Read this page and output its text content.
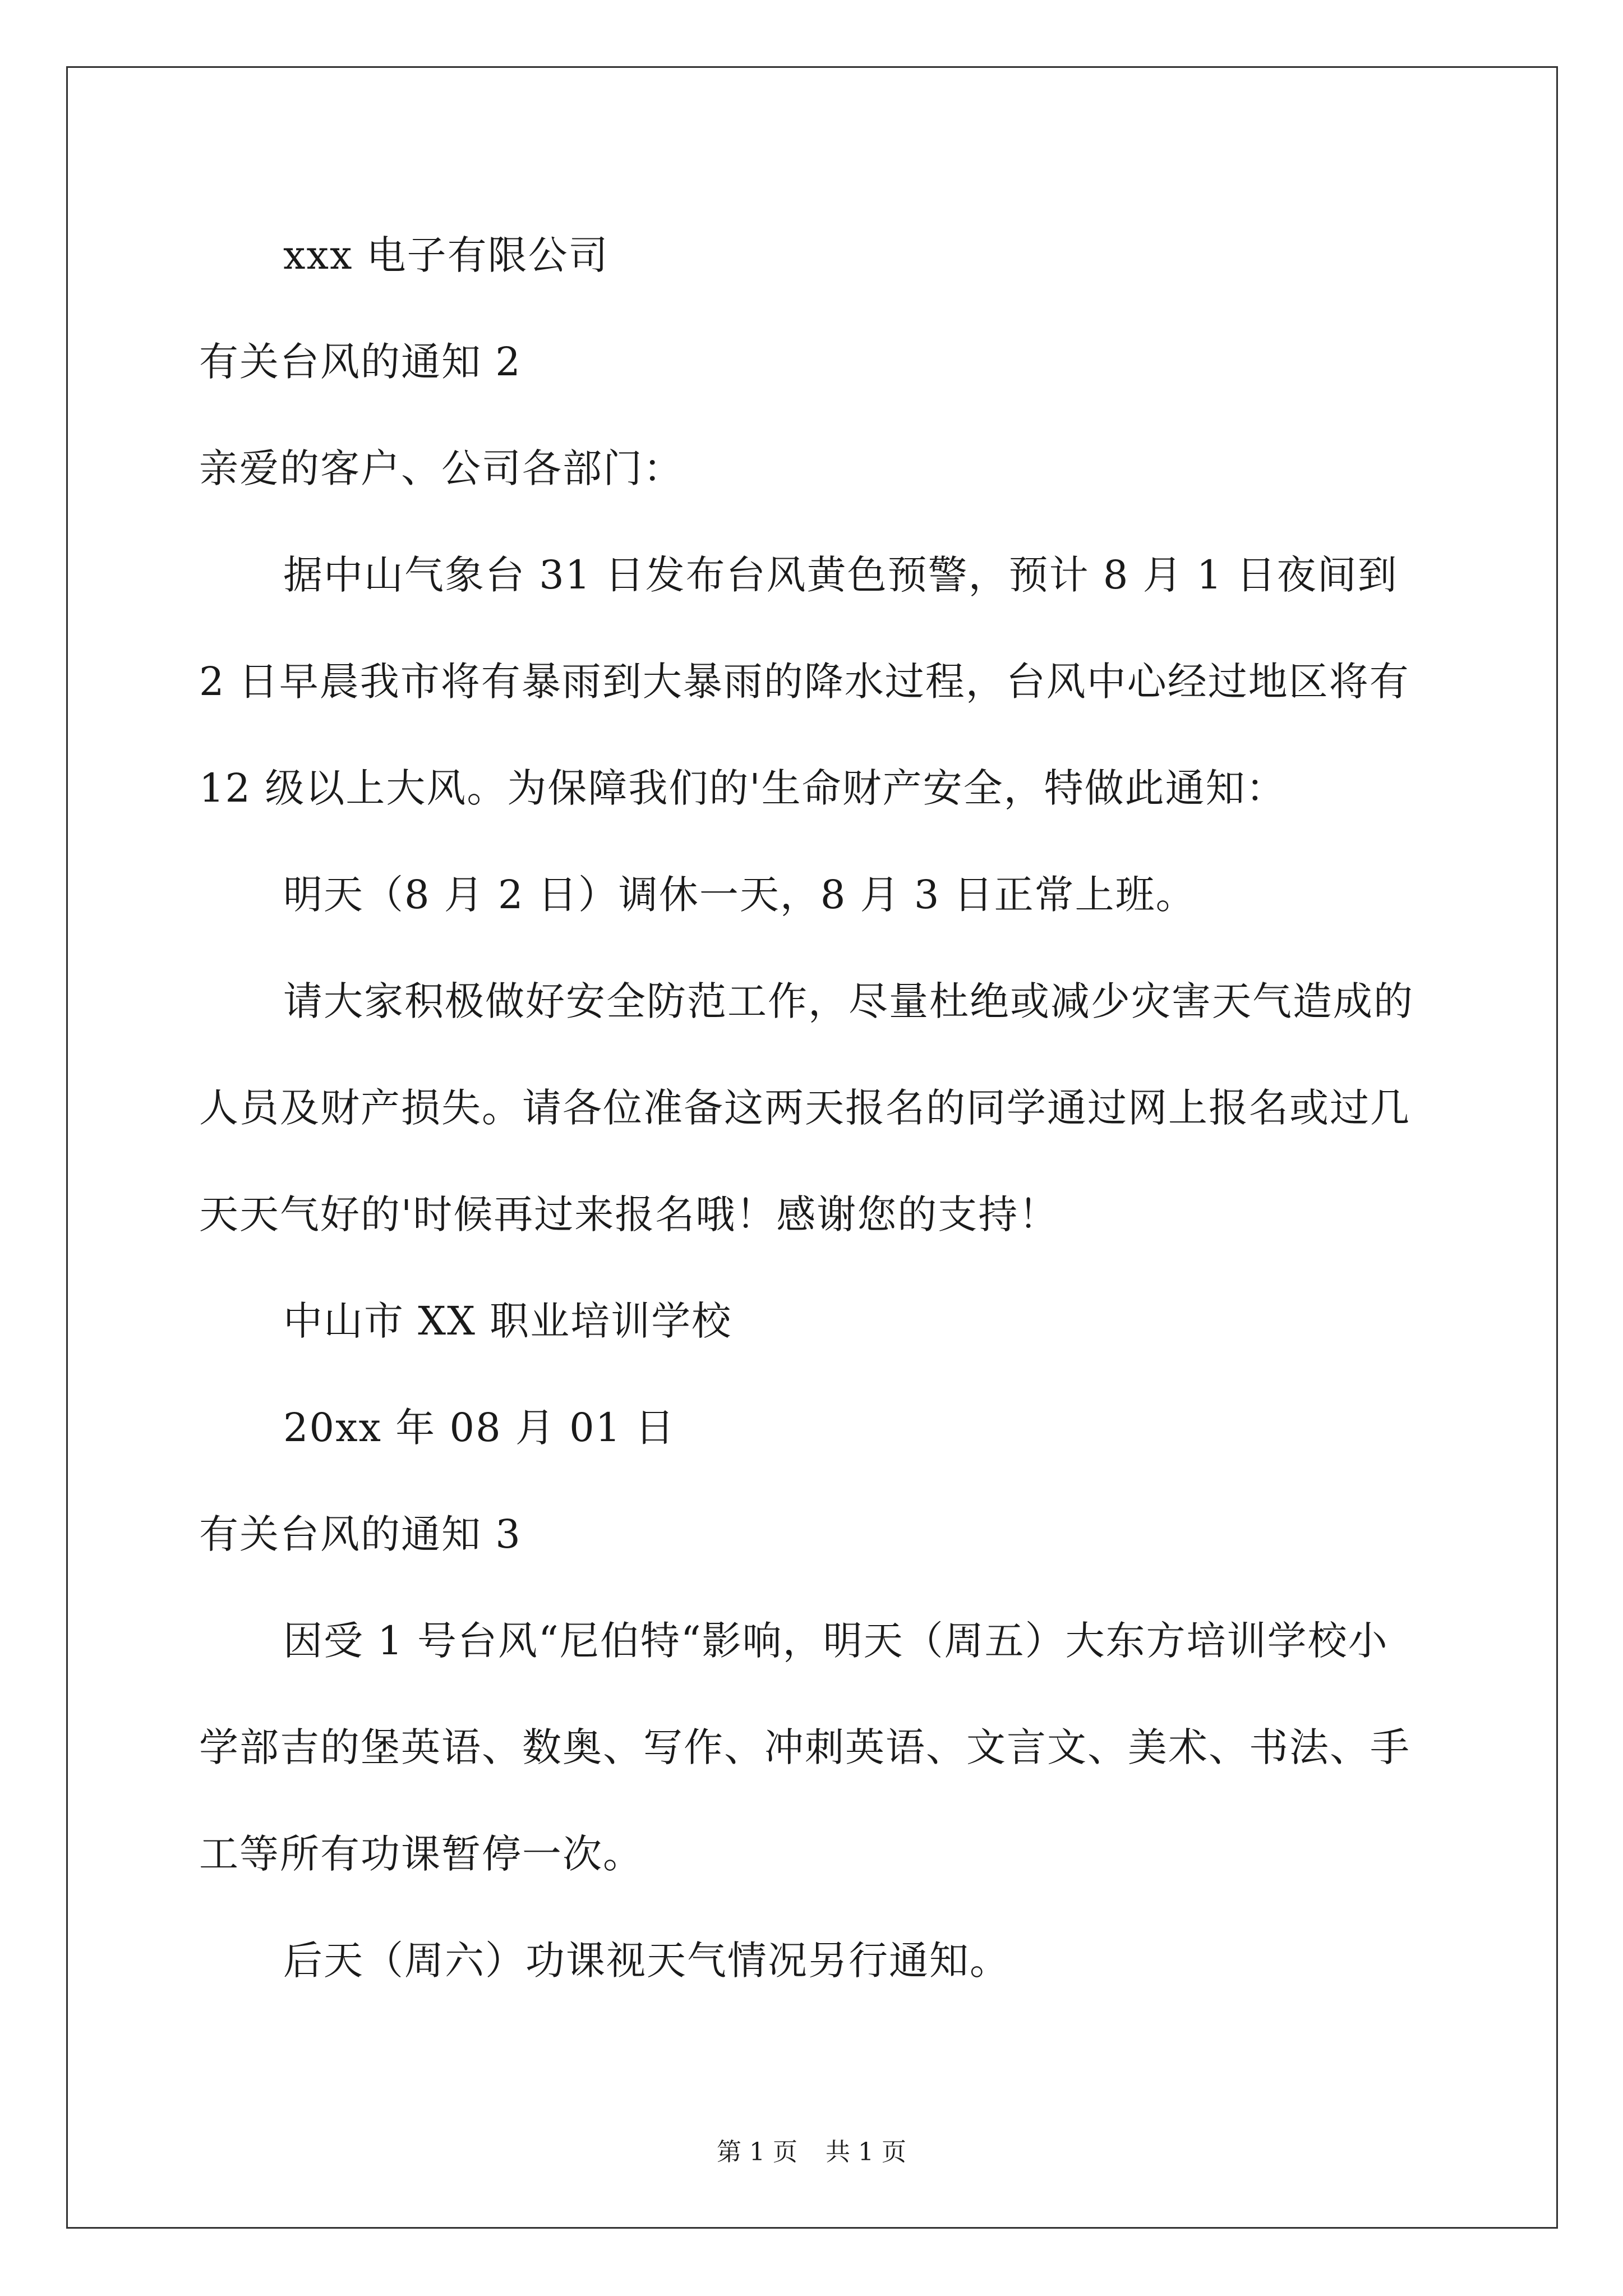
xxx 电子有限公司

有关台风的通知 2

亲爱的客户、公司各部门：

据中山气象台 31 日发布台风黄色预警，预计 8 月 1 日夜间到 2 日早晨我市将有暴雨到大暴雨的降水过程，台风中心经过地区将有 12 级以上大风。为保障我们的'生命财产安全，特做此通知：

明天（8 月 2 日）调休一天，8 月 3 日正常上班。

请大家积极做好安全防范工作，尽量杜绝或减少灾害天气造成的人员及财产损失。请各位准备这两天报名的同学通过网上报名或过几天天气好的'时候再过来报名哦！感谢您的支持！

中山市 XX 职业培训学校

20xx 年 08 月 01 日

有关台风的通知 3

因受 1 号台风“尼伯特“影响，明天（周五）大东方培训学校小学部吉的堡英语、数奥、写作、冲刺英语、文言文、美术、书法、手工等所有功课暂停一次。

后天（周六）功课视天气情况另行通知。

第 1 页 共 1 页
